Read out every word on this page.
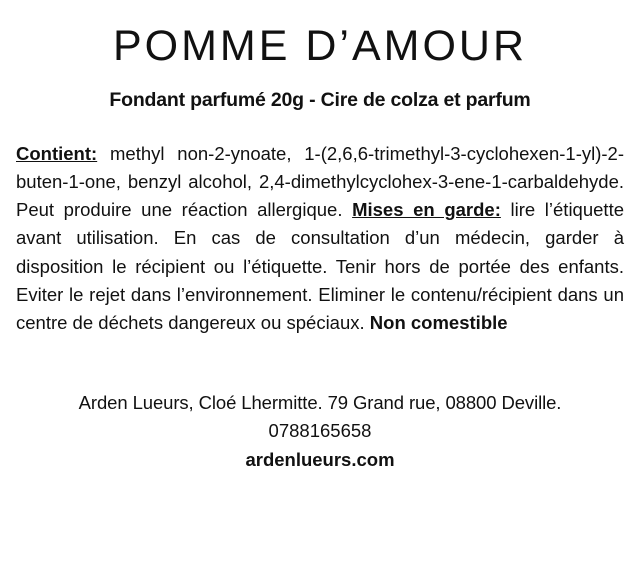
POMME D’AMOUR
Fondant parfumé 20g - Cire de colza et parfum

Contient: methyl non-2-ynoate, 1-(2,6,6-trimethyl-3-cyclohexen-1-yl)-2-buten-1-one, benzyl alcohol, 2,4-dimethylcyclohex-3-ene-1-carbaldehyde. Peut produire une réaction allergique. Mises en garde: lire l’étiquette avant utilisation. En cas de consultation d’un médecin, garder à disposition le récipient ou l’étiquette. Tenir hors de portée des enfants. Eviter le rejet dans l’environnement. Eliminer le contenu/récipient dans un centre de déchets dangereux ou spéciaux. Non comestible

Arden Lueurs, Cloé Lhermitte. 79 Grand rue, 08800 Deville.
0788165658
ardenlueurs.com
